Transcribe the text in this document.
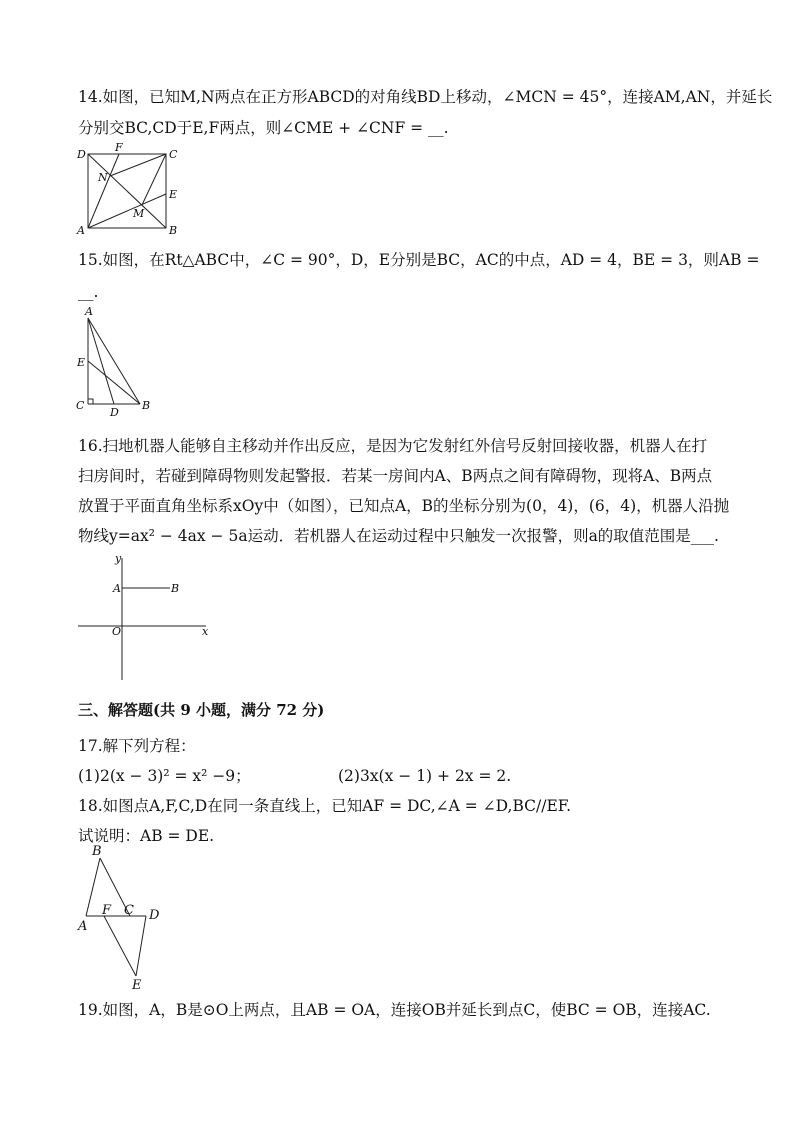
14.如图，已知M,N两点在正方形ABCD的对角线BD上移动，∠MCN = 45°，连接AM,AN，并延长
分别交BC,CD于E,F两点，则∠CME + ∠CNF = __.
D
F
C
N
E
M
A	B
15.如图，在Rt△ABC中，∠C = 90°，D，E分别是BC，AC的中点，AD = 4，BE = 3，则AB =
__.
A
E
C
D
B
16.扫地机器人能够自主移动并作出反应，是因为它发射红外信号反射回接收器，机器人在打
扫房间时，若碰到障碍物则发起警报．若某一房间内A、B两点之间有障碍物，现将A、B两点
放置于平面直角坐标系xOy中（如图），已知点A，B的坐标分别为(0，4)，(6，4)，机器人沿抛
物线y=ax² − 4ax − 5a运动．若机器人在运动过程中只触发一次报警，则a的取值范围是___.
y
A	B
O	x
三、解答题(共 9 小题，满分 72 分)
17.解下列方程：
(1)2(x − 3)² = x² −9；	(2)3x(x − 1) + 2x = 2.
18.如图点A,F,C,D在同一条直线上，已知AF = DC,∠A = ∠D,BC//EF.
试说明：AB = DE.
B
F C D
A
E
19.如图，A，B是⊙O上两点，且AB = OA，连接OB并延长到点C，使BC = OB，连接AC.
